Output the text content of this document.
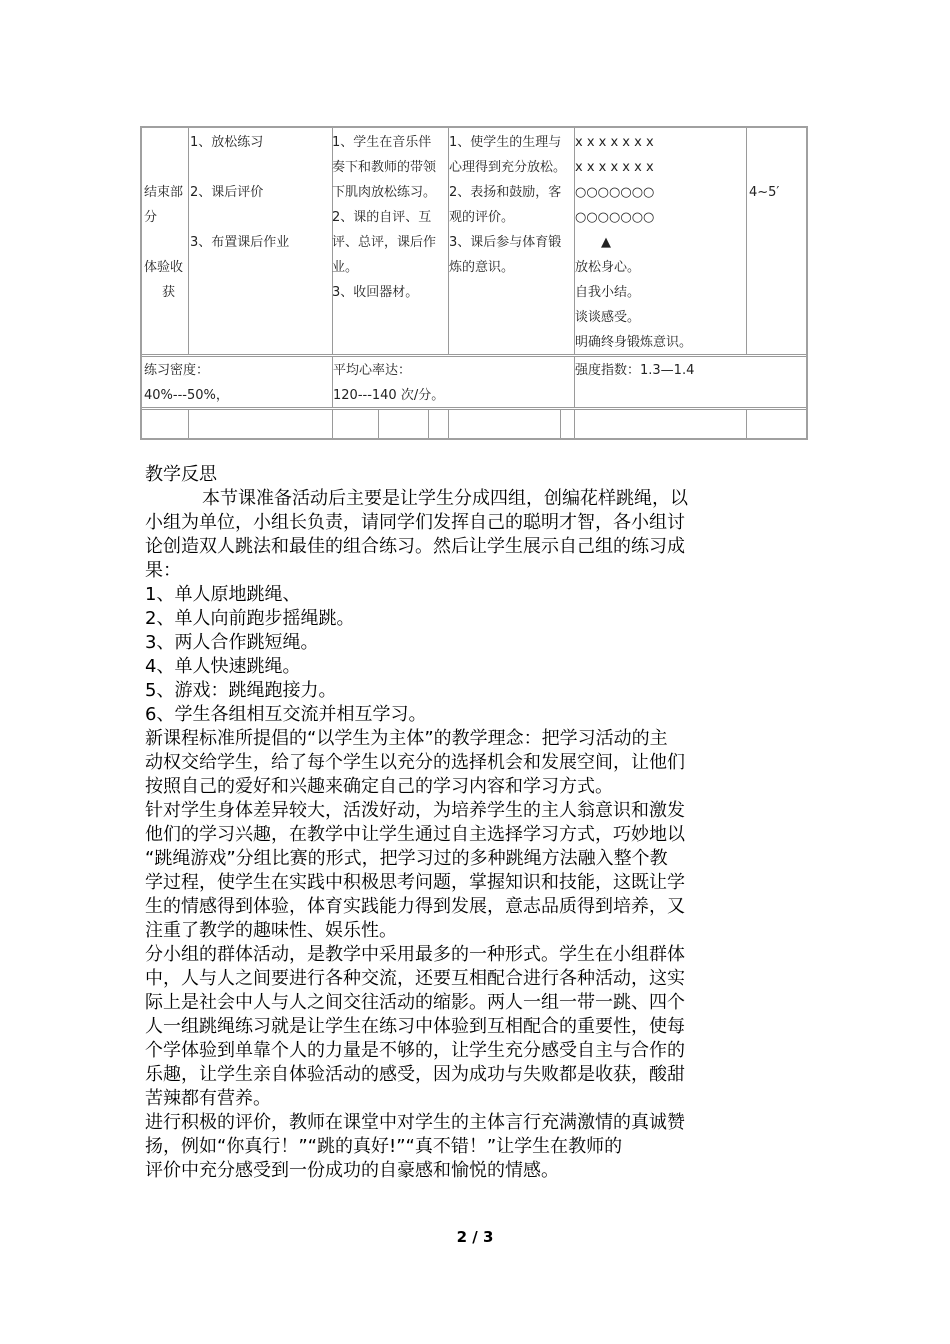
结束部
分
体验收
获
1、放松练习
2、课后评价
3、布置课后作业
1、学生在音乐伴
奏下和教师的带领
下肌肉放松练习。
2、课的自评、互
评、总评，课后作
业。
3、收回器材。
1、使学生的生理与
心理得到充分放松。
2、表扬和鼓励，客
观的评价。
3、课后参与体育锻
炼的意识。
x x x x x x x
x x x x x x x
○○○○○○○
○○○○○○○
▲
放松身心。
自我小结。
谈谈感受。
明确终身锻炼意识。
4~5′
练习密度：
40%---50%，
平均心率达：
120---140 次/分。
强度指数：1.3—1.4
教学反思
本节课准备活动后主要是让学生分成四组，创编花样跳绳，以
小组为单位，小组长负责，请同学们发挥自己的聪明才智，各小组讨
论创造双人跳法和最佳的组合练习。然后让学生展示自己组的练习成
果：
1、单人原地跳绳、
2、单人向前跑步摇绳跳。
3、两人合作跳短绳。
4、单人快速跳绳。
5、游戏：跳绳跑接力。
6、学生各组相互交流并相互学习。
新课程标准所提倡的“以学生为主体”的教学理念：把学习活动的主
动权交给学生，给了每个学生以充分的选择机会和发展空间，让他们
按照自己的爱好和兴趣来确定自己的学习内容和学习方式。
针对学生身体差异较大，活泼好动，为培养学生的主人翁意识和激发
他们的学习兴趣，在教学中让学生通过自主选择学习方式，巧妙地以
“跳绳游戏”分组比赛的形式，把学习过的多种跳绳方法融入整个教
学过程，使学生在实践中积极思考问题，掌握知识和技能，这既让学
生的情感得到体验，体育实践能力得到发展，意志品质得到培养，又
注重了教学的趣味性、娱乐性。
分小组的群体活动，是教学中采用最多的一种形式。学生在小组群体
中，人与人之间要进行各种交流，还要互相配合进行各种活动，这实
际上是社会中人与人之间交往活动的缩影。两人一组一带一跳、四个
人一组跳绳练习就是让学生在练习中体验到互相配合的重要性，使每
个学体验到单靠个人的力量是不够的，让学生充分感受自主与合作的
乐趣，让学生亲自体验活动的感受，因为成功与失败都是收获，酸甜
苦辣都有营养。
进行积极的评价，教师在课堂中对学生的主体言行充满激情的真诚赞
扬，例如“你真行！”“跳的真好!”“真不错！”让学生在教师的
评价中充分感受到一份成功的自豪感和愉悦的情感。
2 / 3
